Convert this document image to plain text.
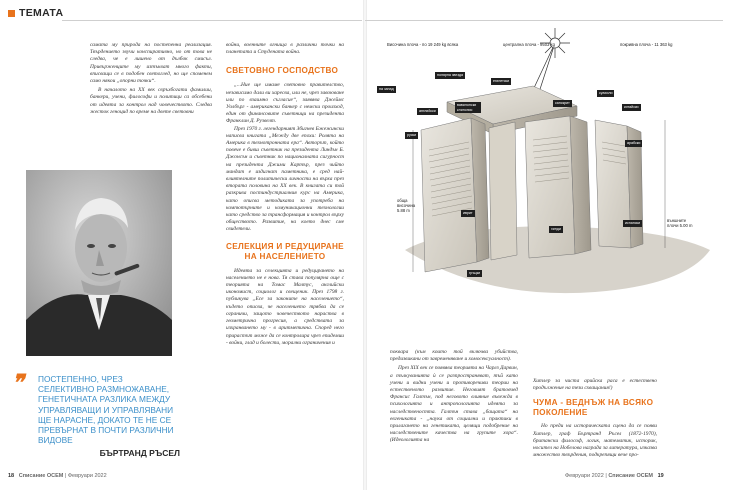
ТЕМАТА

самата му природа на постепенна реализация. Твърдението звучи конспиративно, но от това не следва, че е лишено от дълбок смисъл. Привърженците му изтъкват много факти, вписващи се в подобен светоглед, но ще споменем само някои „опорни точки“.

В началото на XX век свръхбогати фамилии, банкери, учени, философи и политици са обсебени от идеята за контрол над човечеството. Следва жесток геноцид по време на двете световни

войни, военните огнища в различни точки на планетата и Студената война.

СВЕТОВНО ГОСПОДСТВО

„...Ние ще имаме световно правителство, независимо дали ви харесва, или не, чрез завоюване или по взаимно съгласие“, заявява Джеймс Уолбърг - американски банкер с немски произход, един от финансовите съветници на президента Франклин Д. Рузвелт.

През 1970 г. легендарният Збигнев Бжежински написва книгата „Между две епохи: Ролята на Америка в технотронната ера“. Авторът, който повече е бивш съветник на президента Линдън Б. Джонсън и съветник по националната сигурност на президента Джими Картър, през чийто мандат е издигнат паметника, е сред най-влиятелните политически личности на върха през втората половина на XX век. В книгата си той разкрива постиндустриалния курс на Америка, като описва методиката за употреба на компютърните и комуникационни технологии като средство за трансформация и контрол върху обществото. Развитие, на което днес сме свидетели.

СЕЛЕКЦИЯ И РЕДУЦИРАНЕ НА НАСЕЛЕНИЕТО

Идеята за селекцията и редуцирането на населението не е нова. Тя става популярна още с теорията на Томас Малтус, английски икономист, социолог и свещеник. През 1798 г. публикува „Есе за законите на населението“, където описва, че населението трябва да се ограничи, защото човечеството нараства в геометрична прогресия, а средствата за изхранването му - в аритметична. Според него прирастът може да се контролира чрез епидемии - войни, глад и болести, морални ограничения и

❞ ПОСТЕПЕННО, ЧРЕЗ СЕЛЕКТИВНО РАЗМНОЖАВАНЕ, ГЕНЕТИЧНАТА РАЗЛИКА МЕЖДУ УПРАВЛЯВАЩИ И УПРАВЛЯВАНИ ЩЕ НАРАСНЕ, ДОКАТО ТЕ НЕ СЕ ПРЕВЪРНАТ В ПОЧТИ РАЗЛИЧНИ ВИДОВЕ
БЪРТРАНД РЪСЕЛ
18 Списание ОСЕМ | Февруари 2022
Височина плоча - по 19 249 kg всяка	централна плоча - 9503 kg	покривна плоча - 11 363 kg
обща височина 5.88 m
външните плочи 5.00 m
полярна звезда
египетски
вавилонски клинопис
санскрит
суахили
английски
руски
китайски
арабски
испански
иврит
хинди
гръцки
на запад

поквара (към които той включва убийства, предизвикани от завременяване и хомосексуалност).

През XIX век се появява теорията на Чарлз Дарвин, а тълкуванията ѝ се разпространяват, тъй като учени и видни учени и противоречиви теории на естественото развитие. Неговият братовчед Франсис Галтън, под неговото влияние въвежда в психологията и антропологията идеята за наследствеността. Галтън става „бащата“ на евгениката - „наука от социални и практики в прилагането на генетиката, целящи подобрение на наследствените качества на групите хора“. (Идеологията на

Хитлер за чиста арийска раса е естествено продължение на тези схващания!)

ЧУМА - ВЕДНЪЖ НА ВСЯКО ПОКОЛЕНИЕ

Но преди на историческата сцена да се появи Хитлер, граф Бъртранд Ръсел (1872-1970), британски философ, логик, математик, историк, носител на Нобелова награда за литература, изказва множество твърдения, подкрепящи вече про-

Февруари 2022 | Списание ОСЕМ 19
